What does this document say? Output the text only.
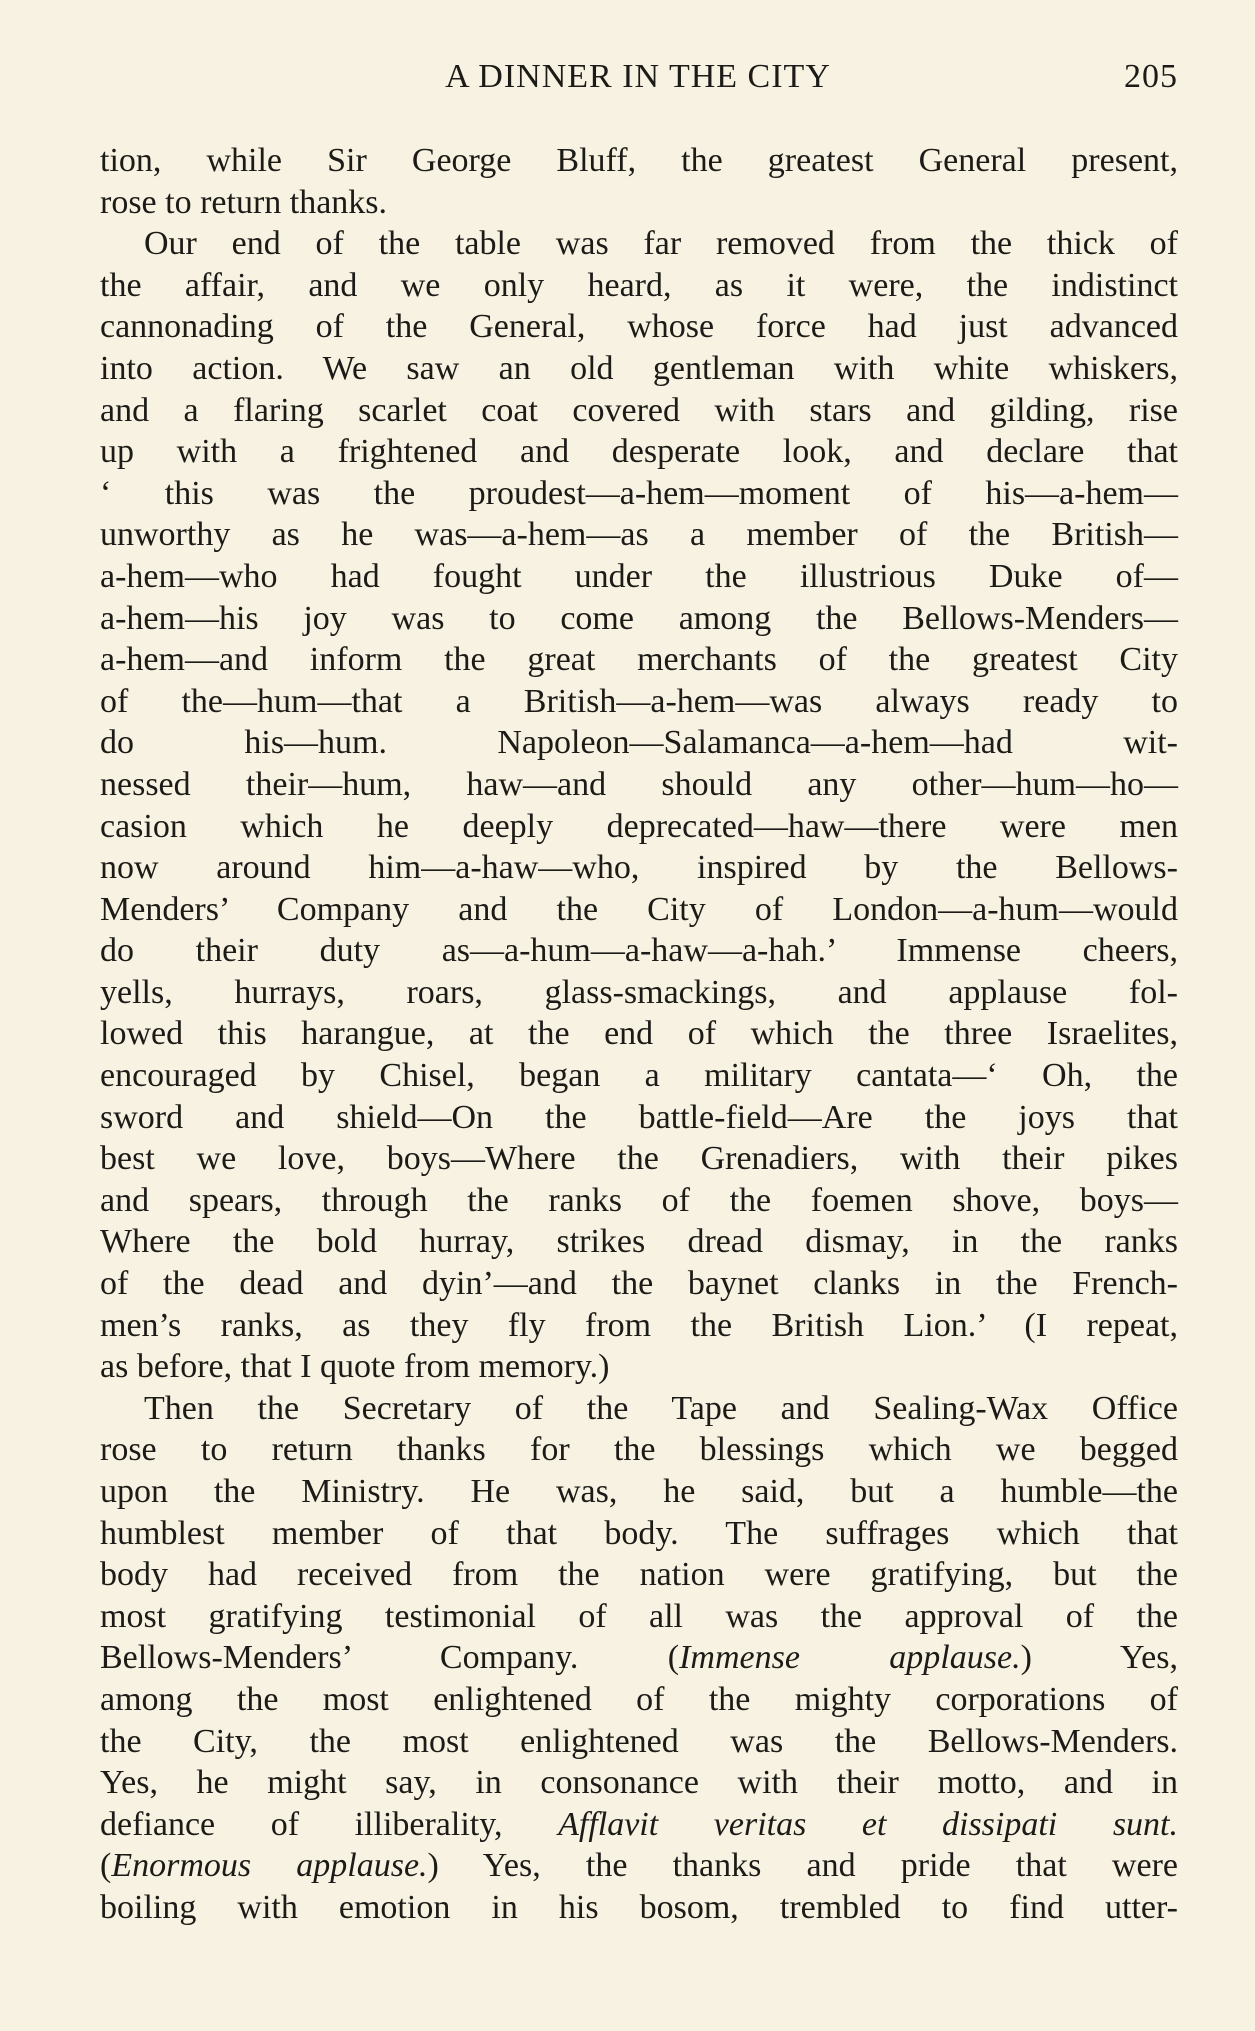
A DINNER IN THE CITY	205
tion, while Sir George Bluff, the greatest General present,
rose to return thanks.
Our end of the table was far removed from the thick of
the affair, and we only heard, as it were, the indistinct
cannonading of the General, whose force had just advanced
into action. We saw an old gentleman with white whiskers,
and a flaring scarlet coat covered with stars and gilding, rise
up with a frightened and desperate look, and declare that
‘ this was the proudest—a-hem—moment of his—a-hem—
unworthy as he was—a-hem—as a member of the British—
a-hem—who had fought under the illustrious Duke of—
a-hem—his joy was to come among the Bellows-Menders—
a-hem—and inform the great merchants of the greatest City
of the—hum—that a British—a-hem—was always ready to
do his—hum. Napoleon—Salamanca—a-hem—had wit-
nessed their—hum, haw—and should any other—hum—ho—
casion which he deeply deprecated—haw—there were men
now around him—a-haw—who, inspired by the Bellows-
Menders’ Company and the City of London—a-hum—would
do their duty as—a-hum—a-haw—a-hah.’ Immense cheers,
yells, hurrays, roars, glass-smackings, and applause fol-
lowed this harangue, at the end of which the three Israelites,
encouraged by Chisel, began a military cantata—‘ Oh, the
sword and shield—On the battle-field—Are the joys that
best we love, boys—Where the Grenadiers, with their pikes
and spears, through the ranks of the foemen shove, boys—
Where the bold hurray, strikes dread dismay, in the ranks
of the dead and dyin’—and the baynet clanks in the French-
men’s ranks, as they fly from the British Lion.’ (I repeat,
as before, that I quote from memory.)
Then the Secretary of the Tape and Sealing-Wax Office
rose to return thanks for the blessings which we begged
upon the Ministry. He was, he said, but a humble—the
humblest member of that body. The suffrages which that
body had received from the nation were gratifying, but the
most gratifying testimonial of all was the approval of the
Bellows-Menders’ Company. (Immense applause.) Yes,
among the most enlightened of the mighty corporations of
the City, the most enlightened was the Bellows-Menders.
Yes, he might say, in consonance with their motto, and in
defiance of illiberality, Afflavit veritas et dissipati sunt.
(Enormous applause.) Yes, the thanks and pride that were
boiling with emotion in his bosom, trembled to find utter-
